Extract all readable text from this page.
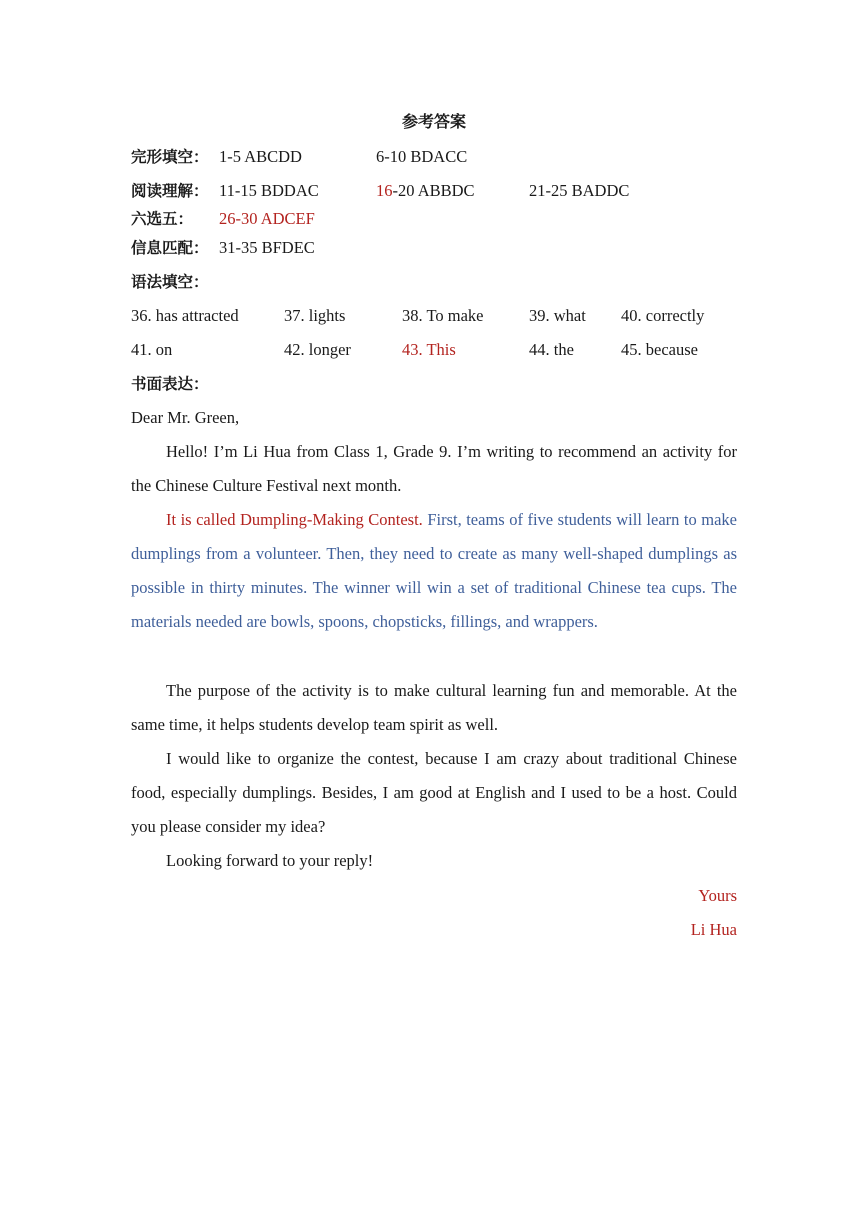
参考答案
完形填空： 1-5 ABCDD	6-10 BDACC
阅读理解： 11-15 BDDAC	16-20 ABBDC	21-25 BADDC
六选五： 26-30 ADCEF
信息匹配： 31-35 BFDEC
语法填空：
36. has attracted	37. lights	38. To make	39. what 40. correctly
41. on	42. longer	43. This	44. the	45. because
书面表达：
Dear Mr. Green,
Hello! I’m Li Hua from Class 1, Grade 9. I’m writing to recommend an activity for the Chinese Culture Festival next month.
It is called Dumpling-Making Contest. First, teams of five students will learn to make dumplings from a volunteer. Then, they need to create as many well-shaped dumplings as possible in thirty minutes. The winner will win a set of traditional Chinese tea cups. The materials needed are bowls, spoons, chopsticks, fillings, and wrappers.
The purpose of the activity is to make cultural learning fun and memorable. At the same time, it helps students develop team spirit as well.
I would like to organize the contest, because I am crazy about traditional Chinese food, especially dumplings. Besides, I am good at English and I used to be a host. Could you please consider my idea?
Looking forward to your reply!
Yours
Li Hua
